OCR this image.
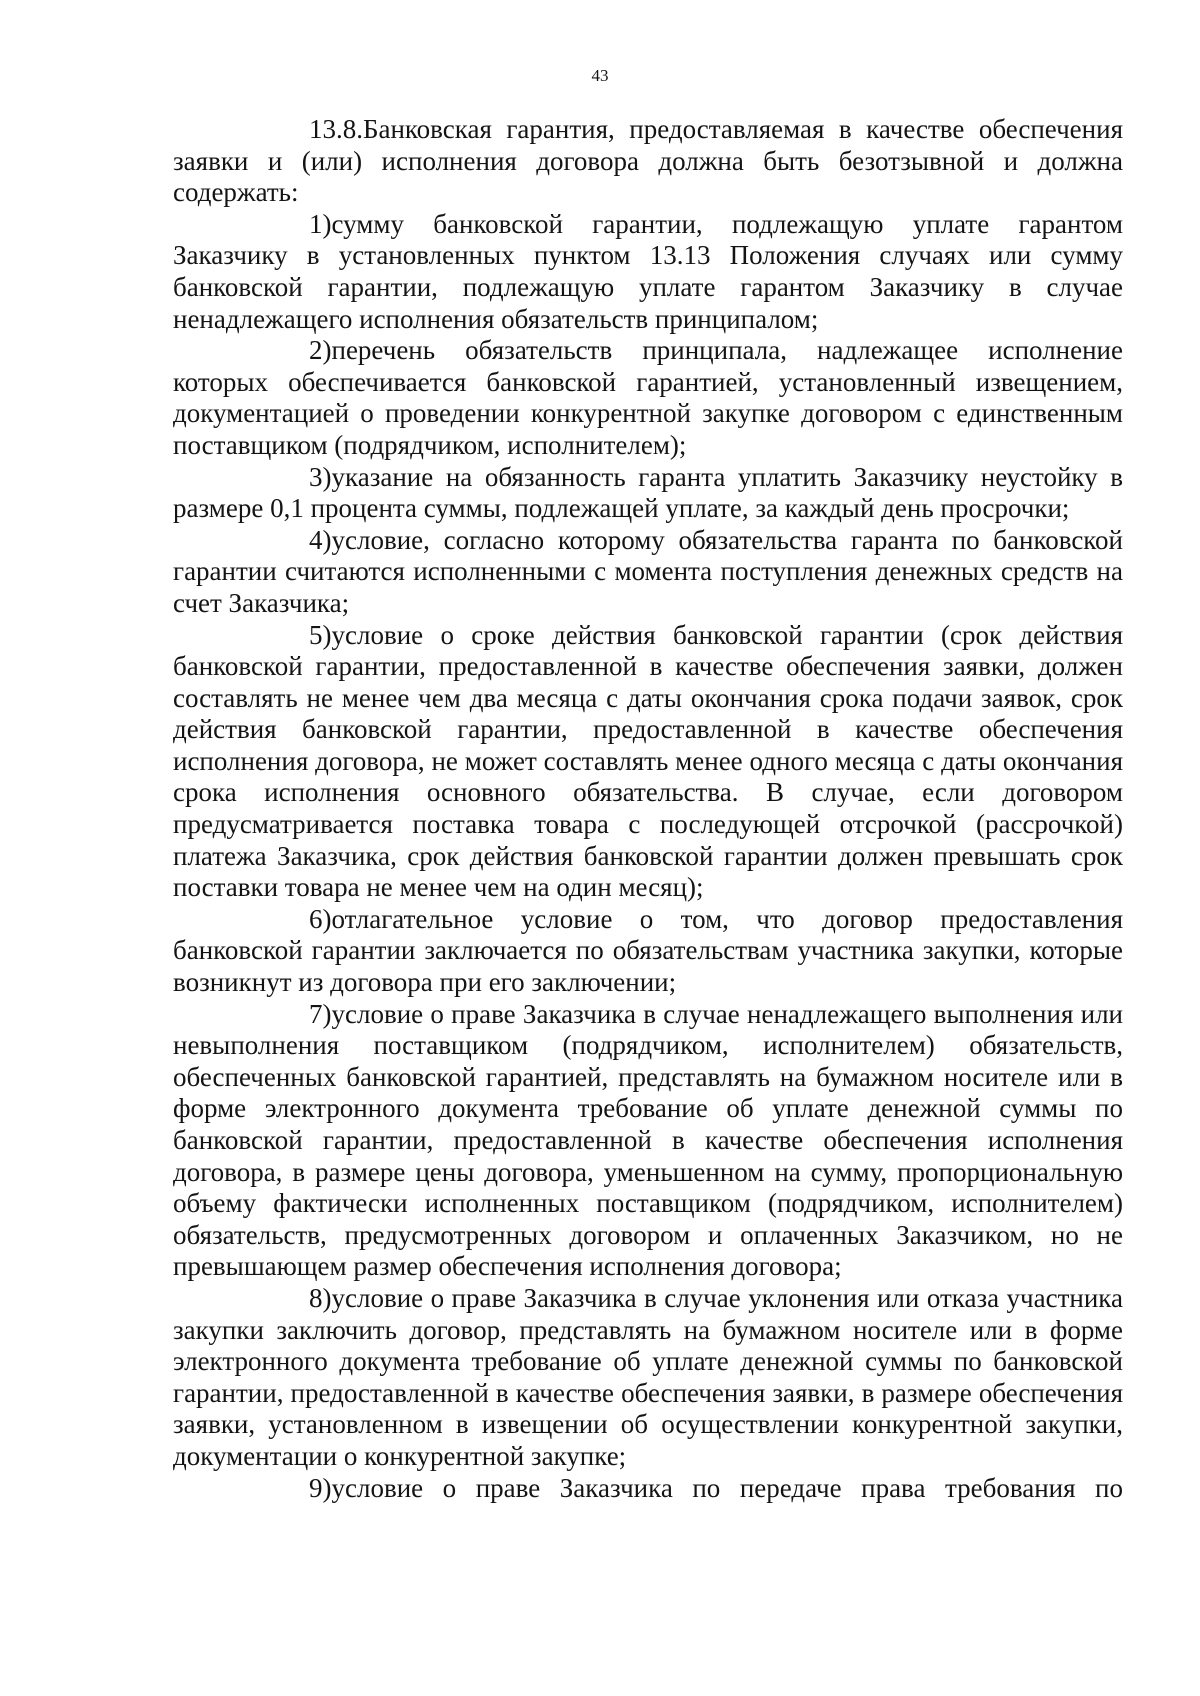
43

13.8.Банковская гарантия, предоставляемая в качестве обеспечения заявки и (или) исполнения договора должна быть безотзывной и должна содержать:

1)сумму банковской гарантии, подлежащую уплате гарантом Заказчику в установленных пунктом 13.13 Положения случаях или сумму банковской гарантии, подлежащую уплате гарантом Заказчику в случае ненадлежащего исполнения обязательств принципалом;

2)перечень обязательств принципала, надлежащее исполнение которых обеспечивается банковской гарантией, установленный извещением, документацией о проведении конкурентной закупке договором с единственным поставщиком (подрядчиком, исполнителем);

3)указание на обязанность гаранта уплатить Заказчику неустойку в размере 0,1 процента суммы, подлежащей уплате, за каждый день просрочки;

4)условие, согласно которому обязательства гаранта по банковской гарантии считаются исполненными с момента поступления денежных средств на счет Заказчика;

5)условие о сроке действия банковской гарантии (срок действия банковской гарантии, предоставленной в качестве обеспечения заявки, должен составлять не менее чем два месяца с даты окончания срока подачи заявок, срок действия банковской гарантии, предоставленной в качестве обеспечения исполнения договора, не может составлять менее одного месяца с даты окончания срока исполнения основного обязательства. В случае, если договором предусматривается поставка товара с последующей отсрочкой (рассрочкой) платежа Заказчика, срок действия банковской гарантии должен превышать срок поставки товара не менее чем на один месяц);

6)отлагательное условие о том, что договор предоставления банковской гарантии заключается по обязательствам участника закупки, которые возникнут из договора при его заключении;

7)условие о праве Заказчика в случае ненадлежащего выполнения или невыполнения поставщиком (подрядчиком, исполнителем) обязательств, обеспеченных банковской гарантией, представлять на бумажном носителе или в форме электронного документа требование об уплате денежной суммы по банковской гарантии, предоставленной в качестве обеспечения исполнения договора, в размере цены договора, уменьшенном на сумму, пропорциональную объему фактически исполненных поставщиком (подрядчиком, исполнителем) обязательств, предусмотренных договором и оплаченных Заказчиком, но не превышающем размер обеспечения исполнения договора;

8)условие о праве Заказчика в случае уклонения или отказа участника закупки заключить договор, представлять на бумажном носителе или в форме электронного документа требование об уплате денежной суммы по банковской гарантии, предоставленной в качестве обеспечения заявки, в размере обеспечения заявки, установленном в извещении об осуществлении конкурентной закупки, документации о конкурентной закупке;

9)условие о праве Заказчика по передаче права требования по
